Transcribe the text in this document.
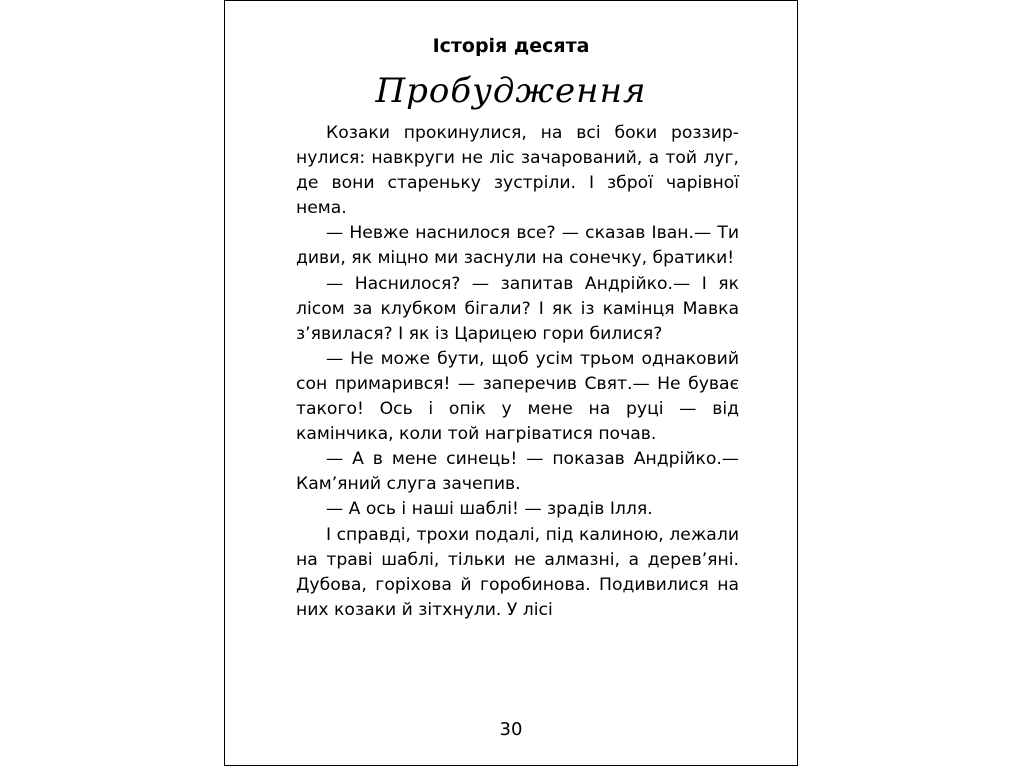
Історія десята
Пробудження

Козаки прокинулися, на всі боки роззирнулися: навкруги не ліс зачарований, а той луг, де вони стареньку зустріли. І зброї чарівної нема.

— Невже наснилося все? — сказав Іван.— Ти диви, як міцно ми заснули на сонечку, братики!

— Наснилося? — запитав Андрійко.— І як лісом за клубком бігали? І як із камінця Мавка з’явилася? І як із Царицею гори билися?

— Не може бути, щоб усім трьом однаковий сон примарився! — заперечив Свят.— Не буває такого! Ось і опік у мене на руці — від камінчика, коли той нагріватися почав.

— А в мене синець! — показав Андрійко.— Кам’яний слуга зачепив.

— А ось і наші шаблі! — зрадів Ілля.

І справді, трохи подалі, під калиною, лежали на траві шаблі, тільки не алмазні, а дерев’яні. Дубова, горіхова й горобинова. Подивилися на них козаки й зітхнули. У лісі

30
